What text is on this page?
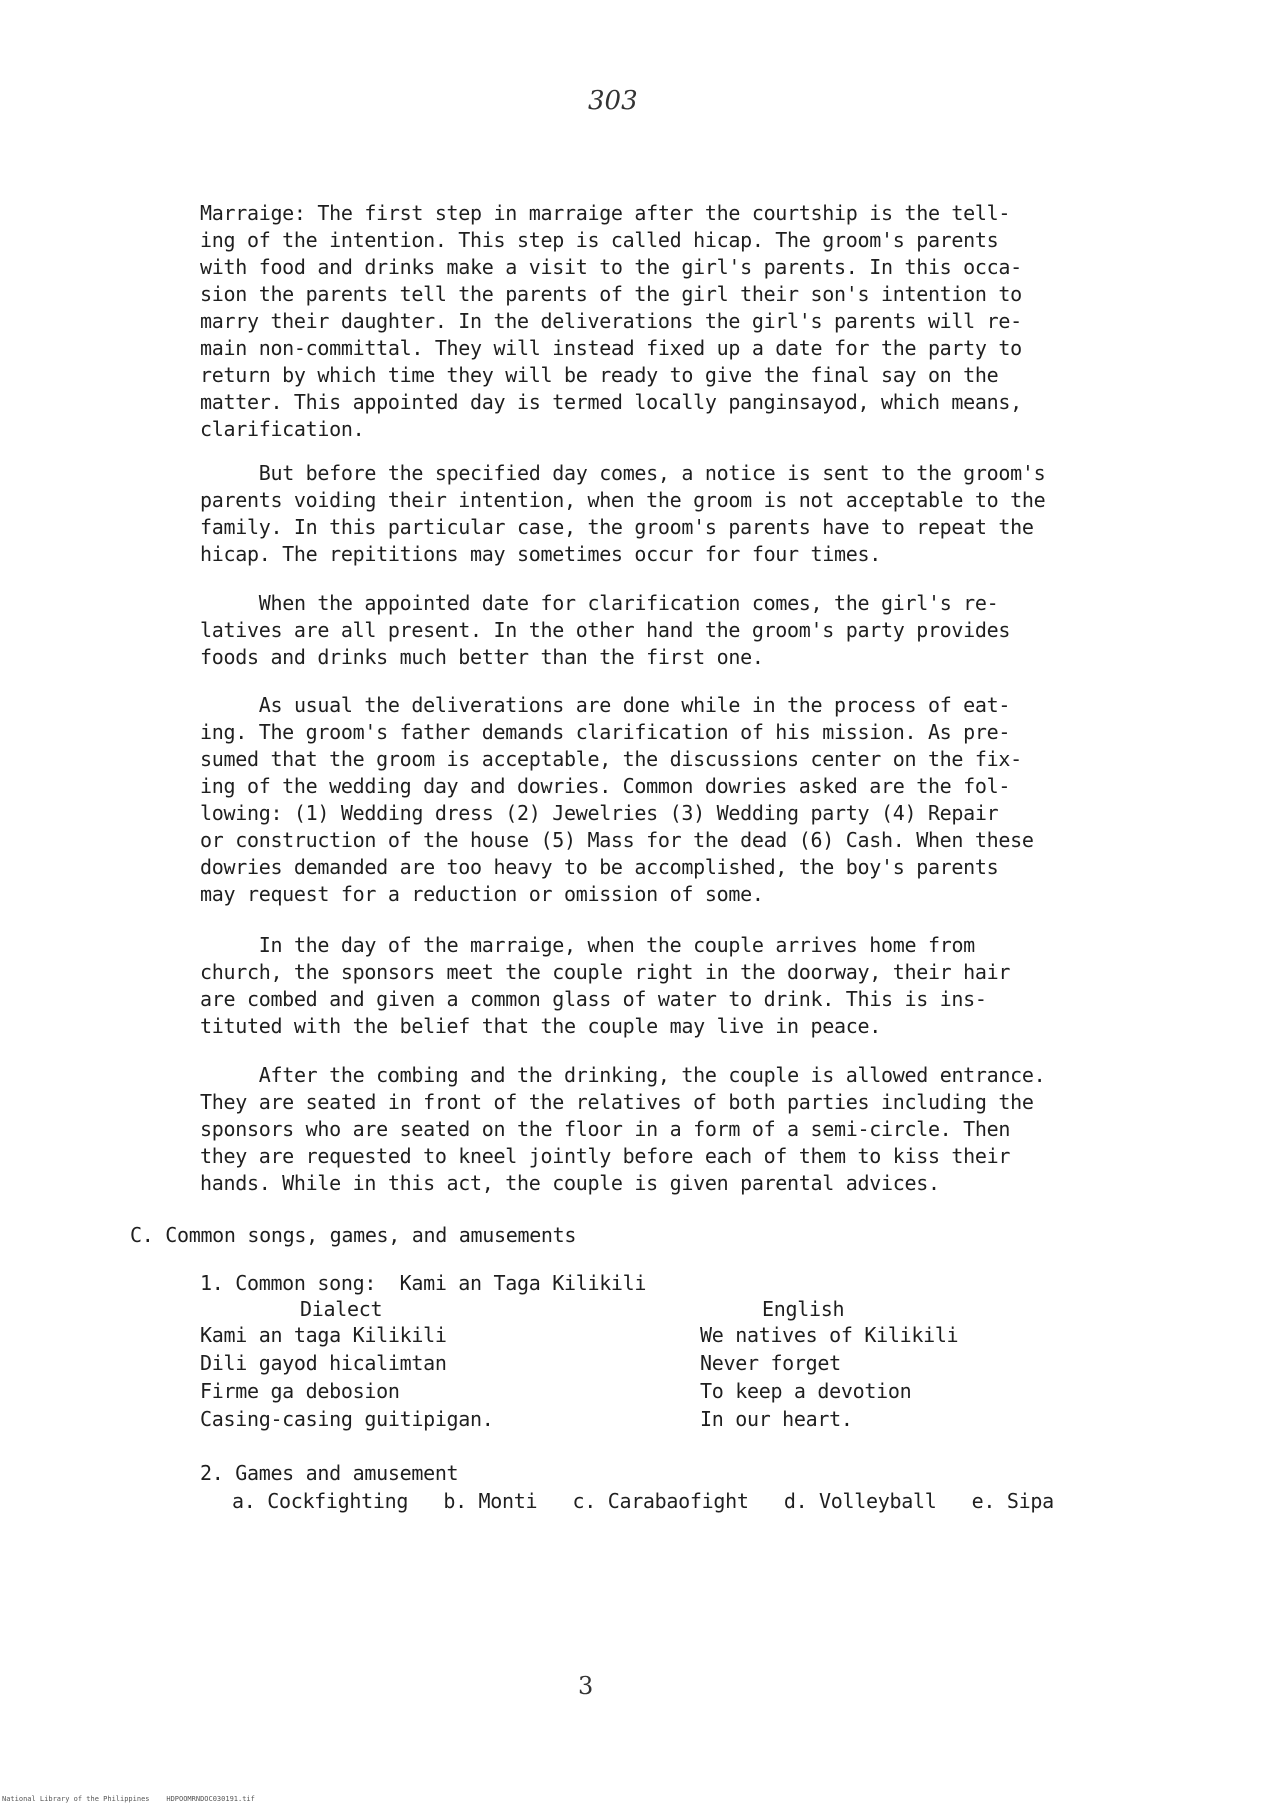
303

Marraige: The first step in marraige after the courtship is the tell-
ing of the intention. This step is called hicap. The groom's parents
with food and drinks make a visit to the girl's parents. In this occa-
sion the parents tell the parents of the girl their son's intention to
marry their daughter. In the deliverations the girl's parents will re-
main non-committal. They will instead fixed up a date for the party to
return by which time they will be ready to give the final say on the
matter. This appointed day is termed locally panginsayod, which means,
clarification.

But before the specified day comes, a notice is sent to the groom's
parents voiding their intention, when the groom is not acceptable to the
family. In this particular case, the groom's parents have to repeat the
hicap. The repititions may sometimes occur for four times.

When the appointed date for clarification comes, the girl's re-
latives are all present. In the other hand the groom's party provides
foods and drinks much better than the first one.

As usual the deliverations are done while in the process of eat-
ing. The groom's father demands clarification of his mission. As pre-
sumed that the groom is acceptable, the discussions center on the fix-
ing of the wedding day and dowries. Common dowries asked are the fol-
lowing: (1) Wedding dress (2) Jewelries (3) Wedding party (4) Repair
or construction of the house (5) Mass for the dead (6) Cash. When these
dowries demanded are too heavy to be accomplished, the boy's parents
may request for a reduction or omission of some.

In the day of the marraige, when the couple arrives home from
church, the sponsors meet the couple right in the doorway, their hair
are combed and given a common glass of water to drink. This is ins-
tituted with the belief that the couple may live in peace.

After the combing and the drinking, the couple is allowed entrance.
They are seated in front of the relatives of both parties including the
sponsors who are seated on the floor in a form of a semi-circle. Then
they are requested to kneel jointly before each of them to kiss their
hands. While in this act, the couple is given parental advices.

C. Common songs, games, and amusements
1. Common song:  Kami an Taga Kilikili
Dialect	English
Kami an taga Kilikili
Dili gayod hicalimtan
Firme ga debosion
Casing-casing guitipigan.
We natives of Kilikili
Never forget
To keep a devotion
In our heart.
2. Games and amusement
a. Cockfighting   b. Monti   c. Carabaofight   d. Volleyball   e. Sipa
3
National Library of the Philippines    HDPOOMRNDOC030191.tif
